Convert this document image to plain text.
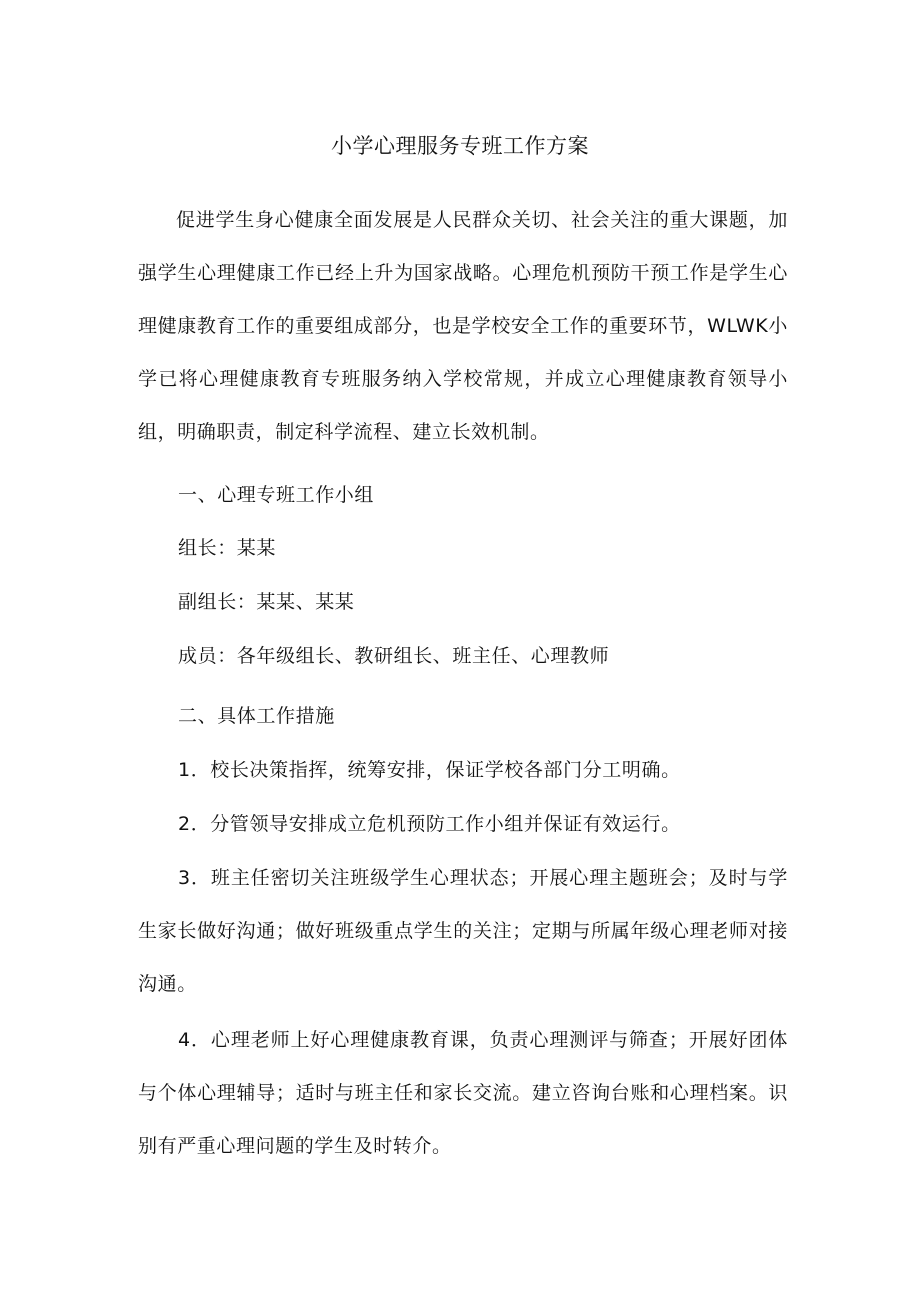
小学心理服务专班工作方案
促进学生身心健康全面发展是人民群众关切、社会关注的重大课题，加强学生心理健康工作已经上升为国家战略。心理危机预防干预工作是学生心理健康教育工作的重要组成部分，也是学校安全工作的重要环节，WLWK小学已将心理健康教育专班服务纳入学校常规，并成立心理健康教育领导小组，明确职责，制定科学流程、建立长效机制。
一、心理专班工作小组
组长：某某
副组长：某某、某某
成员：各年级组长、教研组长、班主任、心理教师
二、具体工作措施
1．校长决策指挥，统筹安排，保证学校各部门分工明确。
2．分管领导安排成立危机预防工作小组并保证有效运行。
3．班主任密切关注班级学生心理状态；开展心理主题班会；及时与学生家长做好沟通；做好班级重点学生的关注；定期与所属年级心理老师对接沟通。
4．心理老师上好心理健康教育课，负责心理测评与筛查；开展好团体与个体心理辅导；适时与班主任和家长交流。建立咨询台账和心理档案。识别有严重心理问题的学生及时转介。
